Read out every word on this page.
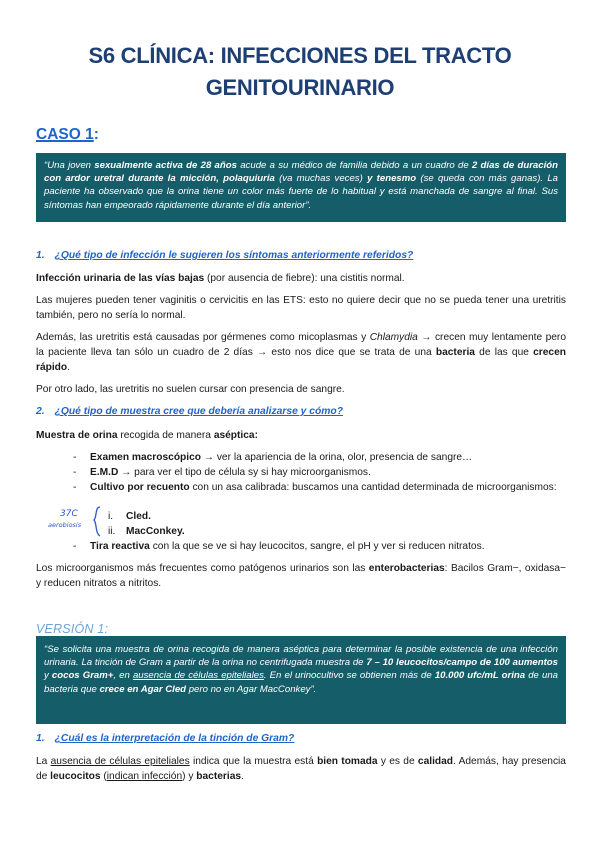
S6 CLÍNICA: INFECCIONES DEL TRACTO
GENITOURINARIO
CASO 1:
“Una joven sexualmente activa de 28 años acude a su médico de familia debido a un cuadro de 2 días de duración con ardor uretral durante la micción, polaquiuria (va muchas veces) y tenesmo (se queda con más ganas). La paciente ha observado que la orina tiene un color más fuerte de lo habitual y está manchada de sangre al final. Sus síntomas han empeorado rápidamente durante el día anterior”.
1. ¿Qué tipo de infección le sugieren los síntomas anteriormente referidos?
Infección urinaria de las vías bajas (por ausencia de fiebre): una cistitis normal.
Las mujeres pueden tener vaginitis o cervicitis en las ETS: esto no quiere decir que no se pueda tener una uretritis también, pero no sería lo normal.
Además, las uretritis está causadas por gérmenes como micoplasmas y Chlamydia → crecen muy lentamente pero la paciente lleva tan sólo un cuadro de 2 días → esto nos dice que se trata de una bacteria de las que crecen rápido.
Por otro lado, las uretritis no suelen cursar con presencia de sangre.
2. ¿Qué tipo de muestra cree que debería analizarse y cómo?
Muestra de orina recogida de manera aséptica:
- Examen macroscópico → ver la apariencia de la orina, olor, presencia de sangre…
- E.M.D → para ver el tipo de célula sy si hay microorganismos.
- Cultivo por recuento con un asa calibrada: buscamos una cantidad determinada de microorganismos:
37C
aerobiosis
i. Cled.
ii. MacConkey.
- Tira reactiva con la que se ve si hay leucocitos, sangre, el pH y ver si reducen nitratos.
Los microorganismos más frecuentes como patógenos urinarios son las enterobacterias: Bacilos Gram−, oxidasa− y reducen nitratos a nitritos.
VERSIÓN 1:
“Se solicita una muestra de orina recogida de manera aséptica para determinar la posible existencia de una infección urinaria. La tinción de Gram a partir de la orina no centrifugada muestra de 7 – 10 leucocitos/campo de 100 aumentos y cocos Gram+, en ausencia de células epiteliales. En el urinocultivo se obtienen más de 10.000 ufc/mL orina de una bacteria que crece en Agar Cled pero no en Agar MacConkey”.
1. ¿Cuál es la interpretación de la tinción de Gram?
La ausencia de células epiteliales indica que la muestra está bien tomada y es de calidad. Además, hay presencia de leucocitos (indican infección) y bacterias.
